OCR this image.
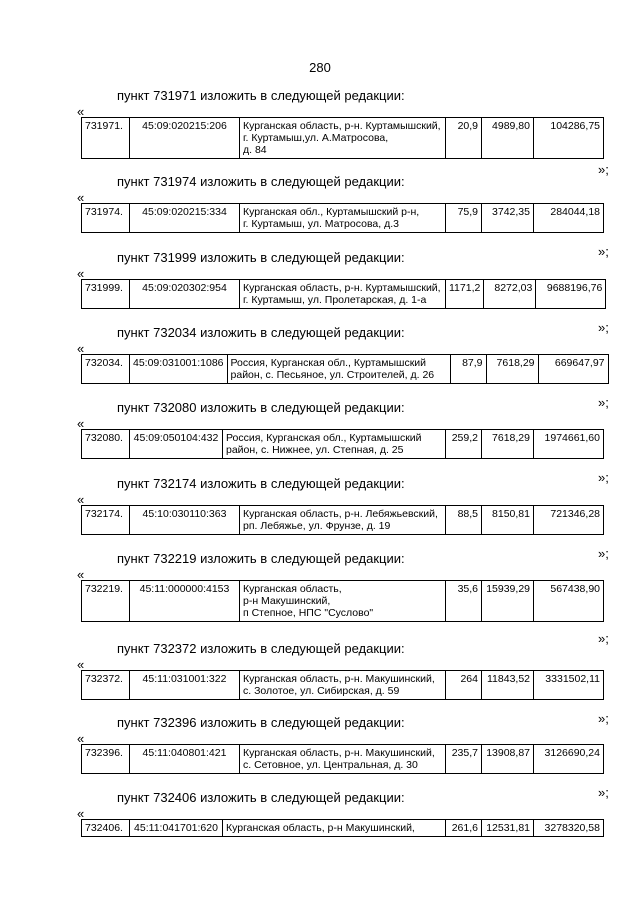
280
пункт 731971 изложить в следующей редакции:
«
731971.	45:09:020215:206	Курганская область, р-н. Куртамышский,
г. Куртамыш,ул. А.Матросова,
д. 84
	20,9	4989,80	104286,75
»;
пункт 731974 изложить в следующей редакции:
«
731974.	45:09:020215:334	Курганская обл., Куртамышский р-н,
г. Куртамыш, ул. Матросова, д.3
	75,9	3742,35	284044,18
»;
пункт 731999 изложить в следующей редакции:
«
731999.	45:09:020302:954	Курганская область, р-н. Куртамышский,
г. Куртамыш, ул. Пролетарская, д. 1-а
	1171,2	8272,03	9688196,76
»;
пункт 732034 изложить в следующей редакции:
«
732034.	45:09:031001:1086	Россия, Курганская обл., Куртамышский
район, с. Песьяное, ул. Строителей, д. 26
	87,9	7618,29	669647,97
»;
пункт 732080 изложить в следующей редакции:
«
732080.	45:09:050104:432	Россия, Курганская обл., Куртамышский
район, с. Нижнее, ул. Степная, д. 25
	259,2	7618,29	1974661,60
»;
пункт 732174 изложить в следующей редакции:
«
732174.	45:10:030110:363	Курганская область, р-н. Лебяжьевский,
рп. Лебяжье, ул. Фрунзе, д. 19
	88,5	8150,81	721346,28
»;
пункт 732219 изложить в следующей редакции:
«
732219.	45:11:000000:4153	Курганская область,
р-н Макушинский,
п Степное, НПС "Суслово"
	35,6	15939,29	567438,90
»;
пункт 732372 изложить в следующей редакции:
«
732372.	45:11:031001:322	Курганская область, р-н. Макушинский,
с. Золотое, ул. Сибирская, д. 59
	264	11843,52	3331502,11
»;
пункт 732396 изложить в следующей редакции:
«
732396.	45:11:040801:421	Курганская область, р-н. Макушинский,
с. Сетовное, ул. Центральная, д. 30
	235,7	13908,87	3126690,24
»;
пункт 732406 изложить в следующей редакции:
«
732406.	45:11:041701:620	Курганская область, р-н Макушинский,	261,6	12531,81	3278320,58
